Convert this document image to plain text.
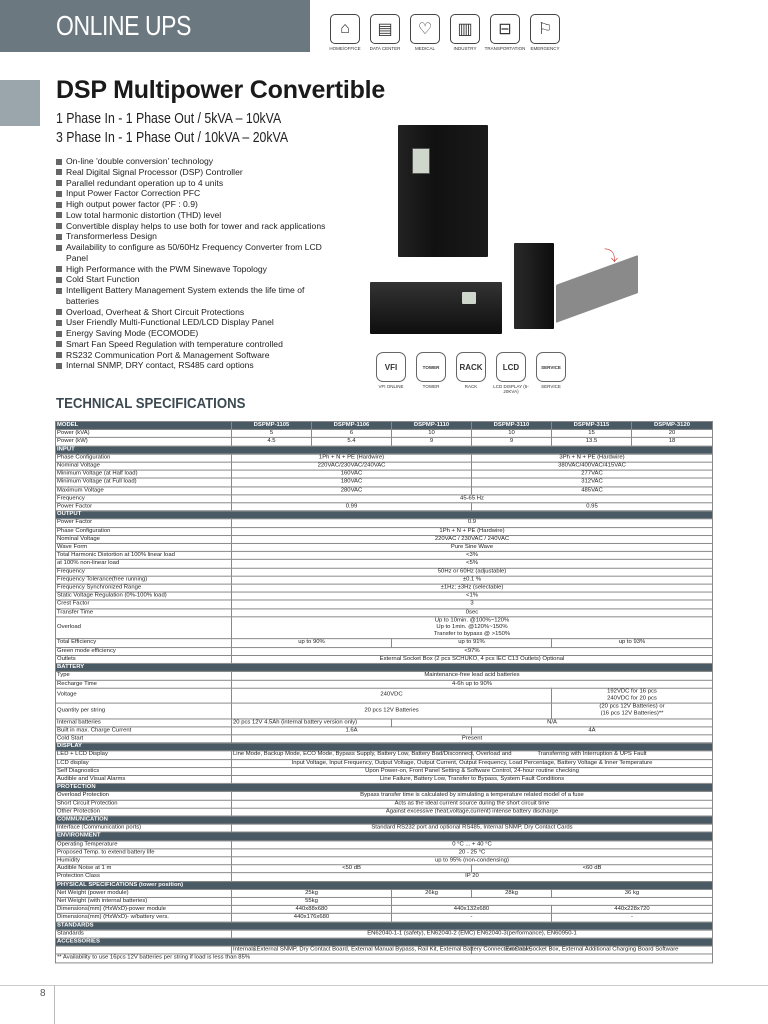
ONLINE UPS	⌂
HOME/OFFICE
▤
DATA CENTER
♡
MEDICAL
▥
INDUSTRY
⊟
TRANSPORTATION
⚐
EMERGENCY
DSP Multipower Convertible
1 Phase In - 1 Phase Out / 5kVA – 10kVA
3 Phase In - 1 Phase Out / 10kVA – 20kVA
On-line 'double conversion' technology
Real Digital Signal Processor (DSP) Controller
Parallel redundant operation up to 4 units
Input Power Factor Correction PFC
High output power factor (PF : 0.9)
Low total harmonic distortion (THD) level
Convertible display helps to use both for tower and rack applications
Transformerless Design
Availability to configure as 50/60Hz Frequency Converter from LCD Panel
High Performance with the PWM Sinewave Topology
Cold Start Function
Intelligent Battery Management System extends the life time of batteries
Overload, Overheat & Short Circuit Protections
User Friendly Multi-Functional LED/LCD Display Panel
Energy Saving Mode (ECOMODE)
Smart Fan Speed Regulation with temperature controlled
RS232 Communication Port & Management Software
Internal SNMP, DRY contact, RS485 card options
⤵
VFI
VFI ONLINE
TOWER
TOWER
RACK
RACK
LCD
LCD DISPLAY (5-20KVA)
SERVICE
SERVICE
TECHNICAL SPECIFICATIONS
MODEL	DSPMP-1105	DSPMP-1106	DSPMP-1110	DSPMP-3110	DSPMP-3115	DSPMP-3120
Power (kVA)	5	6	10	10	15	20
Power (kW)	4.5	5.4	9	9	13.5	18
INPUT						
Phase Configuration	1Ph + N + PE (Hardwire)			3Ph + N + PE (Hardwire)		
Nominal Voltage	220VAC/230VAC/240VAC			380VAC/400VAC/415VAC		
Minimum Voltage (at Half load)	160VAC			277VAC		
Minimum Voltage (at Full load)	180VAC			312VAC		
Maximum Voltage	280VAC			485VAC		
Frequency	45-65 Hz					
Power Factor	0.99			0.95		
OUTPUT						
Power Factor	0.9					
Phase Configuration	1Ph + N + PE (Hardwire)					
Nominal Voltage	220VAC / 230VAC / 240VAC					
Wave Form	Pure Sine Wave					
Total Harmonic Distortion at 100% linear load	<3%					
at 100% non-linear load	<5%					
Frequency	50Hz or 60Hz (adjustable)					
Frequency Tolerance(free running)	±0.1 %					
Frequency Synchronized Range	±1Hz; ±3Hz (selectable)					
Static Voltage Regulation (0%-100% load)	<1%					
Crest Factor	3					
Transfer Time	0sec					
Overload	Up to 10min. @100%~120%
Up to 1min. @120%~150%
Transfer to bypass @ >150%					

Total Efficiency	up to 90%		up to 91%		up to 93%	
Green mode efficiency	<97%					
Outlets	External Socket Box (2 pcs SCHUKO, 4 pcs IEC C13 Outlets) Optional					
BATTERY						
Type	Maintenance-free lead acid batteries					
Recharge Time	4-6h up to 90%					
Voltage	240VDC				192VDC for 16 pcs
240VDC for 20 pcs	

Quantity per string	20 pcs 12V Batteries				(20 pcs 12V Batteries) or
(16 pcs 12V Batteries)**	

Internal batteries	20 pcs 12V 4.5Ah (internal battery version only)		N/A			
Built in max. Charge Current	1.6A			4A		
Cold Start	Present					
DISPLAY						
LED + LCD Display	Line Mode, Backup Mode, ECO Mode, Bypass Supply, Battery Low, Battery Bad/Disconnect, Overload and			Transferring with Interruption & UPS Fault		
LCD display	Input Voltage, Input Frequency, Output Voltage, Output Current, Output Frequency, Load Percentage, Battery Voltage & Inner Temperature					
Self Diagnostics	Upon Power-on, Front Panel Setting & Software Control, 24-hour routine checking					
Audible and Visual Alarms	Line Failure, Battery Low, Transfer to Bypass, System Fault Conditions					
PROTECTION						
Overload Protection	Bypass transfer time is calculated by simulating a temperature related model of a fuse					
Short Circuit Protection	Acts as the ideal current source during the short circuit time					
Other Protection	Against excessive (heat,voltage,current) intense battery discharge					
COMMUNICATION						
Interface (Communication ports)	Standard RS232 port and optional RS485, Internal SNMP, Dry Contact Cards					
ENVIRONMENT						
Operating Temperature	0 °C ... + 40 °C					
Proposed Temp. to extend battery life	20 - 25 °C					
Humidity	up to 95% (non-condensing)					
Audible Noise at 1 m	<50 dB			<60 dB		
Protection Class	IP 20					
PHYSICAL SPECIFICATIONS (tower position)						
Net Weight (power module)	25kg		26kg	28kg	36 kg	
Net Weight (with internal batteries)	55kg					
Dimensions(mm) (HxWxD)-power module	440x88x680		440x132x680		440x228x720	
Dimensions(mm) (HxWxD)- w/battery vers.	440x176x680		-		-	
STANDARDS						
Standards	EN62040-1-1 (safety), EN62040-2 (EMC) EN62040-3(performance), EN60950-1					
ACCESSORIES						
	Internal&External SNMP, Dry Contact Board, External Manual Bypass, Rail Kit, External Battery Connection Cable,			External Socket Box, External Additional Charging Board Software		
** Availability to use 16pcs 12V batteries per string if load is less than 85%						
8
